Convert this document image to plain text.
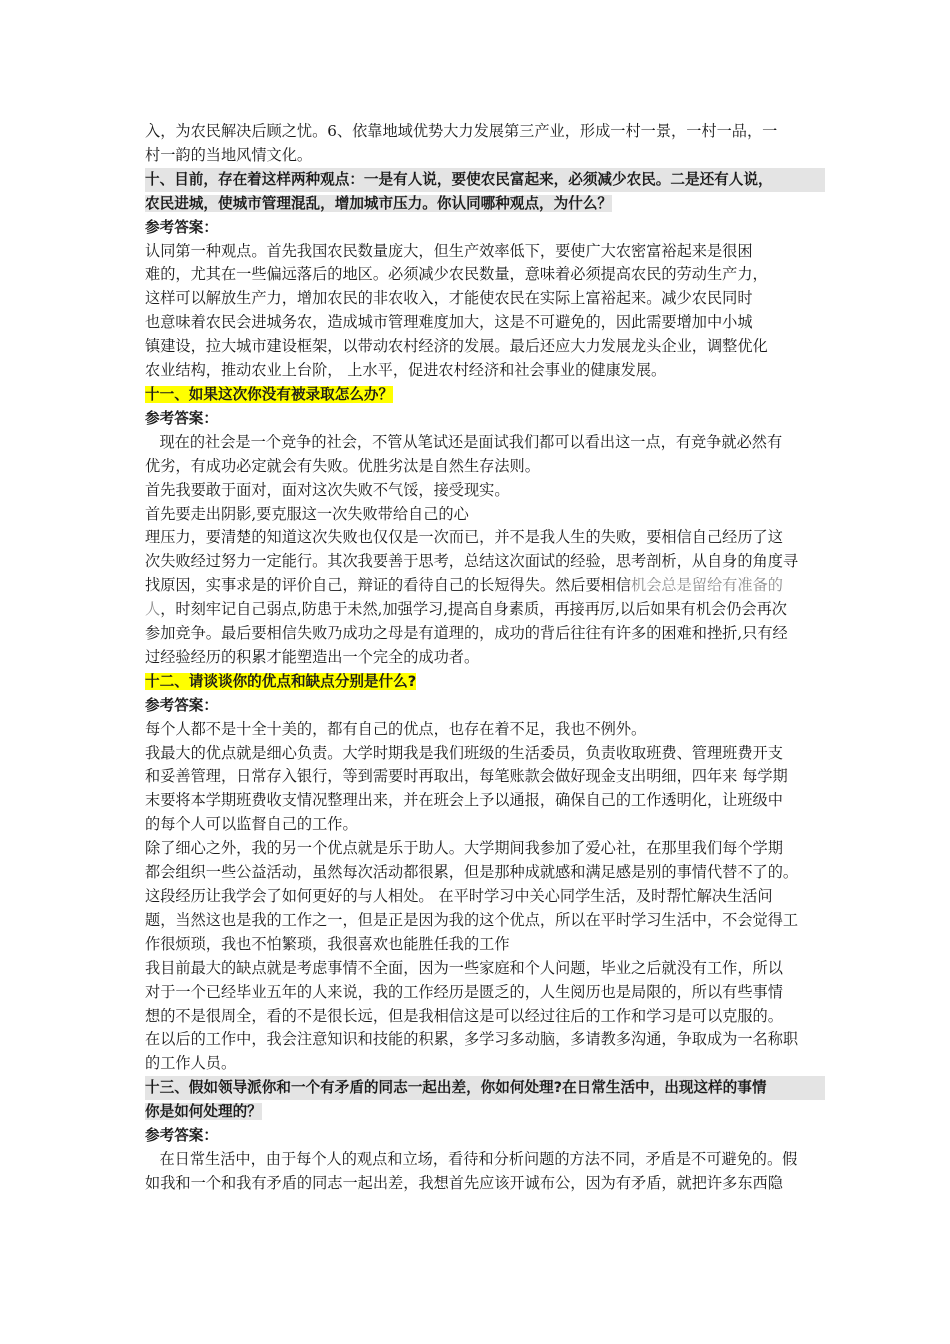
入，为农民解决后顾之忧。6、依靠地域优势大力发展第三产业，形成一村一景，一村一品，一

村一韵的当地风情文化。

十、目前，存在着这样两种观点：一是有人说，要使农民富起来，必须减少农民。二是还有人说，
农民进城，使城市管理混乱，增加城市压力。你认同哪种观点，为什么？

参考答案：

认同第一种观点。首先我国农民数量庞大，但生产效率低下，要使广大农密富裕起来是很困

难的，尤其在一些偏远落后的地区。必须减少农民数量，意味着必须提高农民的劳动生产力，

这样可以解放生产力，增加农民的非农收入，才能使农民在实际上富裕起来。减少农民同时

也意味着农民会进城务农，造成城市管理难度加大，这是不可避免的，因此需要增加中小城

镇建设，拉大城市建设框架，以带动农村经济的发展。最后还应大力发展龙头企业，调整优化

农业结构，推动农业上台阶， 上水平，促进农村经济和社会事业的健康发展。

十一、如果这次你没有被录取怎么办？

参考答案：

现在的社会是一个竞争的社会，不管从笔试还是面试我们都可以看出这一点，有竞争就必然有

优劣，有成功必定就会有失败。优胜劣汰是自然生存法则。

首先我要敢于面对，面对这次失败不气馁，接受现实。

首先要走出阴影,要克服这一次失败带给自己的心

理压力，要清楚的知道这次失败也仅仅是一次而已，并不是我人生的失败，要相信自己经历了这

次失败经过努力一定能行。其次我要善于思考，总结这次面试的经验，思考剖析，从自身的角度寻

找原因，实事求是的评价自己，辩证的看待自己的长短得失。然后要相信机会总是留给有准备的

人，时刻牢记自己弱点,防患于未然,加强学习,提高自身素质，再接再厉,以后如果有机会仍会再次

参加竞争。最后要相信失败乃成功之母是有道理的，成功的背后往往有许多的困难和挫折,只有经

过经验经历的积累才能塑造出一个完全的成功者。

十二、请谈谈你的优点和缺点分别是什么?

参考答案：

每个人都不是十全十美的，都有自己的优点，也存在着不足，我也不例外。

我最大的优点就是细心负责。大学时期我是我们班级的生活委员，负责收取班费、管理班费开支

和妥善管理，日常存入银行，等到需要时再取出，每笔账款会做好现金支出明细，四年来 每学期

末要将本学期班费收支情况整理出来，并在班会上予以通报，确保自己的工作透明化，让班级中

的每个人可以监督自己的工作。

除了细心之外，我的另一个优点就是乐于助人。大学期间我参加了爱心社，在那里我们每个学期

都会组织一些公益活动，虽然每次活动都很累，但是那种成就感和满足感是别的事情代替不了的。

这段经历让我学会了如何更好的与人相处。 在平时学习中关心同学生活，及时帮忙解决生活问

题，当然这也是我的工作之一，但是正是因为我的这个优点，所以在平时学习生活中，不会觉得工

作很烦琐，我也不怕繁琐，我很喜欢也能胜任我的工作

我目前最大的缺点就是考虑事情不全面，因为一些家庭和个人问题，毕业之后就没有工作，所以

对于一个已经毕业五年的人来说，我的工作经历是匮乏的，人生阅历也是局限的，所以有些事情

想的不是很周全，看的不是很长远，但是我相信这是可以经过往后的工作和学习是可以克服的。

在以后的工作中，我会注意知识和技能的积累，多学习多动脑，多请教多沟通，争取成为一名称职

的工作人员。

十三、假如领导派你和一个有矛盾的同志一起出差，你如何处理?在日常生活中，出现这样的事情
你是如何处理的？

参考答案：

在日常生活中，由于每个人的观点和立场，看待和分析问题的方法不同，矛盾是不可避免的。假

如我和一个和我有矛盾的同志一起出差，我想首先应该开诚布公，因为有矛盾，就把许多东西隐
